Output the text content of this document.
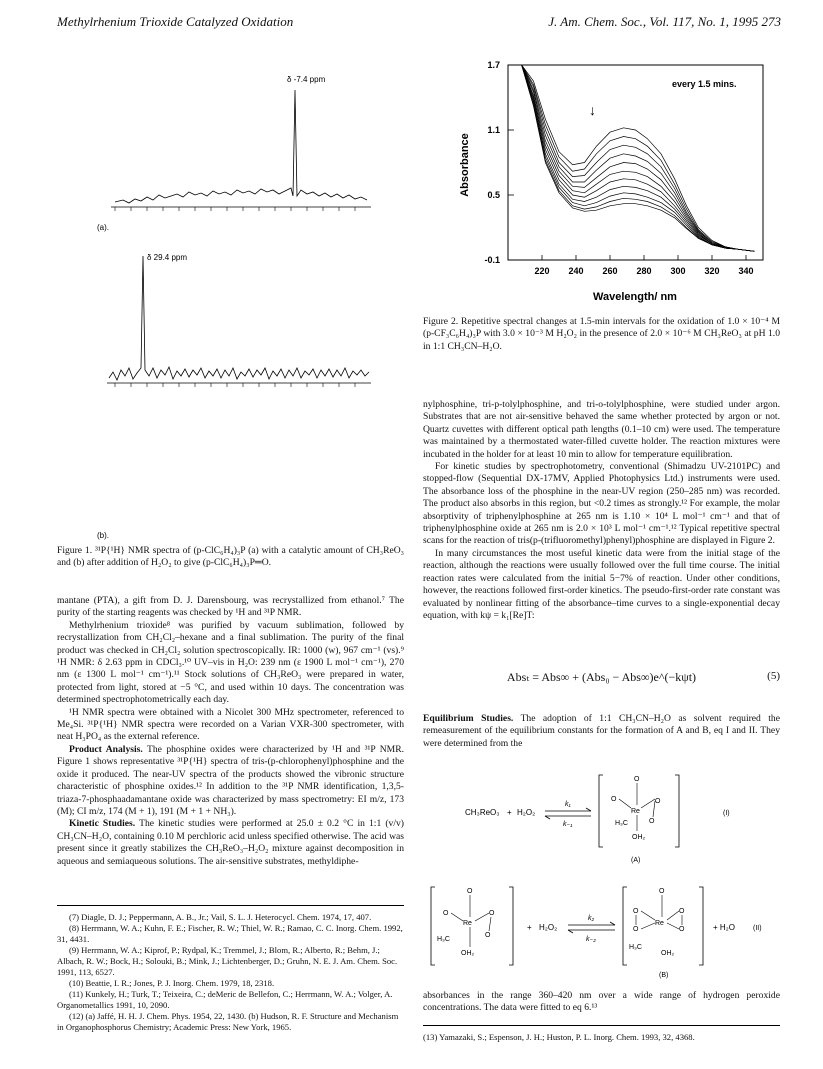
Methylrhenium Trioxide Catalyzed Oxidation	J. Am. Chem. Soc., Vol. 117, No. 1, 1995 273
δ -7.4 ppm
(a).
δ 29.4 ppm
(b).
Figure 1. ³¹P{¹H} NMR spectra of (p-ClC₆H₄)₃P (a) with a catalytic amount of CH₃ReO₃ and (b) after addition of H₂O₂ to give (p-ClC₆H₄)₃P═O.
1.7
1.1
0.5
-0.1
220 240 260 280 300 320 340
every 1.5 mins.
↓
Absorbance
Wavelength/ nm
Figure 2. Repetitive spectral changes at 1.5-min intervals for the oxidation of 1.0 × 10⁻⁴ M (p-CF₃C₆H₄)₃P with 3.0 × 10⁻³ M H₂O₂ in the presence of 2.0 × 10⁻⁶ M CH₃ReO₃ at pH 1.0 in 1:1 CH₃CN–H₂O.

mantane (PTA), a gift from D. J. Darensbourg, was recrystallized from ethanol.⁷ The purity of the starting reagents was checked by ¹H and ³¹P NMR.

Methylrhenium trioxide⁸ was purified by vacuum sublimation, followed by recrystallization from CH₂Cl₂–hexane and a final sublimation. The purity of the final product was checked in CH₂Cl₂ solution spectroscopically. IR: 1000 (w), 967 cm⁻¹ (vs).⁹ ¹H NMR: δ 2.63 ppm in CDCl₃.¹⁰ UV–vis in H₂O: 239 nm (ε 1900 L mol⁻¹ cm⁻¹), 270 nm (ε 1300 L mol⁻¹ cm⁻¹).¹¹ Stock solutions of CH₃ReO₃ were prepared in water, protected from light, stored at −5 °C, and used within 10 days. The concentration was determined spectrophotometrically each day.

¹H NMR spectra were obtained with a Nicolet 300 MHz spectrometer, referenced to Me₄Si. ³¹P{¹H} NMR spectra were recorded on a Varian VXR-300 spectrometer, with neat H₃PO₄ as the external reference.

Product Analysis. The phosphine oxides were characterized by ¹H and ³¹P NMR. Figure 1 shows representative ³¹P{¹H} spectra of tris-(p-chlorophenyl)phosphine and the oxide it produced. The near-UV spectra of the products showed the vibronic structure characteristic of phosphine oxides.¹² In addition to the ³¹P NMR identification, 1,3,5-triaza-7-phosphaadamantane oxide was characterized by mass spectrometry: EI m/z, 173 (M); CI m/z, 174 (M + 1), 191 (M + 1 + NH₃).

Kinetic Studies. The kinetic studies were performed at 25.0 ± 0.2 °C in 1:1 (v/v) CH₃CN–H₂O, containing 0.10 M perchloric acid unless specified otherwise. The acid was present since it greatly stabilizes the CH₃ReO₃–H₂O₂ mixture against decomposition in aqueous and semiaqueous solutions. The air-sensitive substrates, methyldiphe-

(7) Diagle, D. J.; Peppermann, A. B., Jr.; Vail, S. L. J. Heterocycl. Chem. 1974, 17, 407.
(8) Herrmann, W. A.; Kuhn, F. E.; Fischer, R. W.; Thiel, W. R.; Ramao, C. C. Inorg. Chem. 1992, 31, 4431.
(9) Herrmann, W. A.; Kiprof, P.; Rydpal, K.; Tremmel, J.; Blom, R.; Alberto, R.; Behm, J.; Albach, R. W.; Bock, H.; Solouki, B.; Mink, J.; Lichtenberger, D.; Gruhn, N. E. J. Am. Chem. Soc. 1991, 113, 6527.
(10) Beattie, I. R.; Jones, P. J. Inorg. Chem. 1979, 18, 2318.
(11) Kunkely, H.; Turk, T.; Teixeira, C.; deMeric de Bellefon, C.; Herrmann, W. A.; Volger, A. Organometallics 1991, 10, 2090.
(12) (a) Jaffé, H. H. J. Chem. Phys. 1954, 22, 1430. (b) Hudson, R. F. Structure and Mechanism in Organophosphorus Chemistry; Academic Press: New York, 1965.

nylphosphine, tri-p-tolylphosphine, and tri-o-tolylphosphine, were studied under argon. Substrates that are not air-sensitive behaved the same whether protected by argon or not. Quartz cuvettes with different optical path lengths (0.1–10 cm) were used. The temperature was maintained by a thermostated water-filled cuvette holder. The reaction mixtures were incubated in the holder for at least 10 min to allow for temperature equilibration.

For kinetic studies by spectrophotometry, conventional (Shimadzu UV-2101PC) and stopped-flow (Sequential DX-17MV, Applied Photophysics Ltd.) instruments were used. The absorbance loss of the phosphine in the near-UV region (250–285 nm) was recorded. The product also absorbs in this region, but <0.2 times as strongly.¹² For example, the molar absorptivity of triphenylphosphine at 265 nm is 1.10 × 10⁴ L mol⁻¹ cm⁻¹ and that of triphenylphosphine oxide at 265 nm is 2.0 × 10³ L mol⁻¹ cm⁻¹.¹² Typical repetitive spectral scans for the reaction of tris(p-(trifluoromethyl)phenyl)phosphine are displayed in Figure 2.

In many circumstances the most useful kinetic data were from the initial stage of the reaction, although the reactions were usually followed over the full time course. The initial reaction rates were calculated from the initial 5−7% of reaction. Under other conditions, however, the reactions followed first-order kinetics. The pseudo-first-order rate constant was evaluated by nonlinear fitting of the absorbance–time curves to a single-exponential decay equation, with kψ = k₁[Re]T:

Absₜ = Abs∞ + (Abs₀ − Abs∞)e^(−kψt)	(5)
Equilibrium Studies. The adoption of 1:1 CH₃CN–H₂O as solvent required the remeasurement of the equilibrium constants for the formation of A and B, eq I and II. They were determined from the
CH₃ReO₃ + H₂O₂
k₁
k₋₁
O
O
Re
O
H₃C	O
OH₂
(I)
(A)
O
O
Re
O
H₃C
O
OH₂
+ H₂O₂
k₂
k₋₂
O
O
Re
O
O	O
H₃C
OH₂
+ H₂O	(II)
(B)
absorbances in the range 360–420 nm over a wide range of hydrogen peroxide concentrations. The data were fitted to eq 6.¹³
(13) Yamazaki, S.; Espenson, J. H.; Huston, P. L. Inorg. Chem. 1993, 32, 4368.
